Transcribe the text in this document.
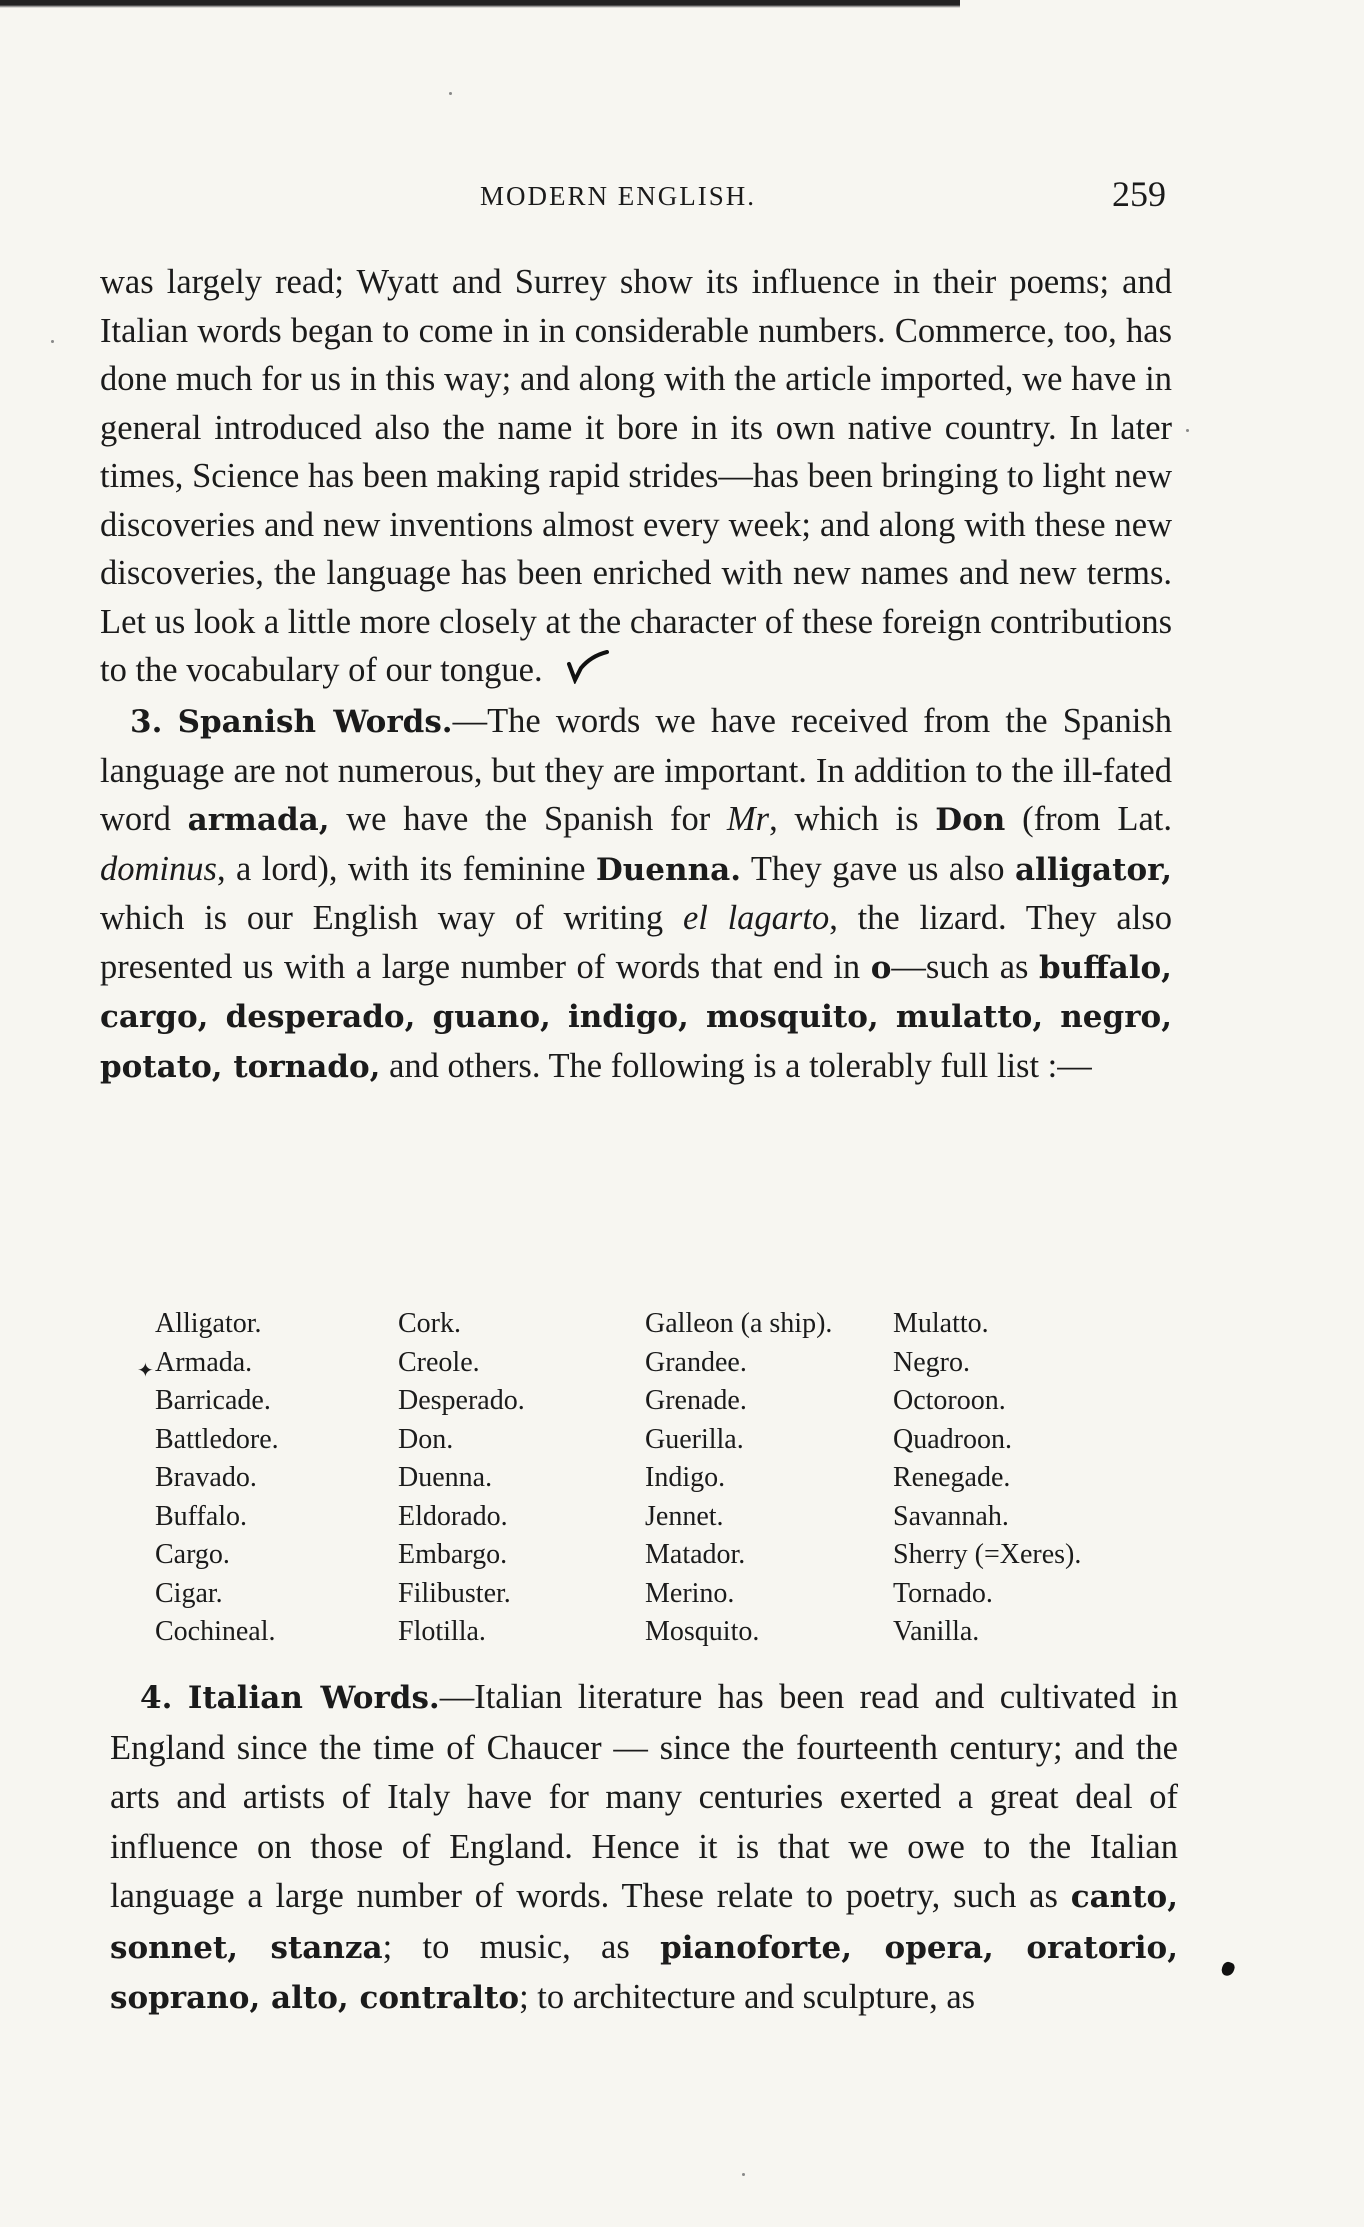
MODERN ENGLISH.	259

was largely read; Wyatt and Surrey show its influence in their poems; and Italian words began to come in in considerable numbers. Commerce, too, has done much for us in this way; and along with the article imported, we have in general introduced also the name it bore in its own native country. In later times, Science has been making rapid strides—has been bringing to light new discoveries and new inventions almost every week; and along with these new discoveries, the language has been enriched with new names and new terms. Let us look a little more closely at the character of these foreign contributions to the vocabulary of our tongue.

3. Spanish Words.—The words we have received from the Spanish language are not numerous, but they are important. In addition to the ill-fated word armada, we have the Spanish for Mr, which is Don (from Lat. dominus, a lord), with its feminine Duenna. They gave us also alligator, which is our English way of writing el lagarto, the lizard. They also presented us with a large number of words that end in o—such as buffalo, cargo, desperado, guano, indigo, mosquito, mulatto, negro, potato, tornado, and others. The following is a tolerably full list :—

Alligator.
Armada.
Barricade.
Battledore.
Bravado.
Buffalo.
Cargo.
Cigar.
Cochineal.
Cork.
Creole.
Desperado.
Don.
Duenna.
Eldorado.
Embargo.
Filibuster.
Flotilla.
Galleon (a ship).
Grandee.
Grenade.
Guerilla.
Indigo.
Jennet.
Matador.
Merino.
Mosquito.
Mulatto.
Negro.
Octoroon.
Quadroon.
Renegade.
Savannah.
Sherry (=Xeres).
Tornado.
Vanilla.
✦

4. Italian Words.—Italian literature has been read and cultivated in England since the time of Chaucer — since the fourteenth century; and the arts and artists of Italy have for many centuries exerted a great deal of influence on those of England. Hence it is that we owe to the Italian language a large number of words. These relate to poetry, such as canto, sonnet, stanza; to music, as pianoforte, opera, oratorio, soprano, alto, contralto; to architecture and sculpture, as
